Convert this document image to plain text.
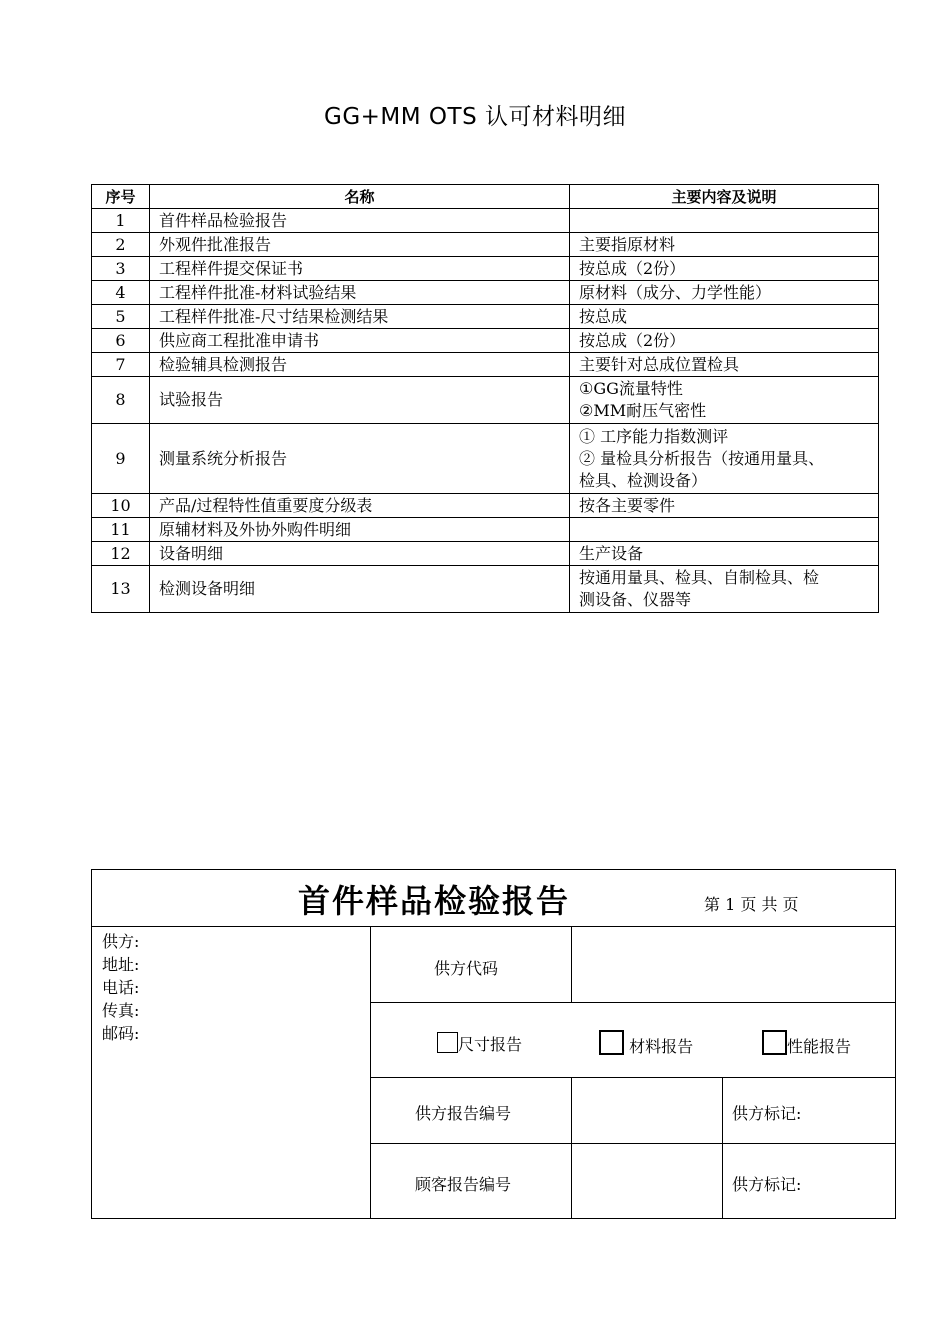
GG+MM OTS 认可材料明细
序号	名称	主要内容及说明
1	首件样品检验报告	
2	外观件批准报告	主要指原材料
3	工程样件提交保证书	按总成（2份）
4	工程样件批准-材料试验结果	原材料（成分、力学性能）
5	工程样件批准-尺寸结果检测结果	按总成
6	供应商工程批准申请书	按总成（2份）
7	检验辅具检测报告	主要针对总成位置检具
8	试验报告	①GG流量特性
②MM耐压气密性

9	测量系统分析报告	① 工序能力指数测评
② 量检具分析报告（按通用量具、
检具、检测设备）

10	产品/过程特性值重要度分级表	按各主要零件
11	原辅材料及外协外购件明细	
12	设备明细	生产设备
13	检测设备明细	按通用量具、检具、自制检具、检
测设备、仪器等
首件样品检验报告	第 1 页 共 页
供方:
地址:
电话:
传真:
邮码:
供方代码
尺寸报告	材料报告	性能报告
供方报告编号	供方标记:
顾客报告编号	供方标记:
